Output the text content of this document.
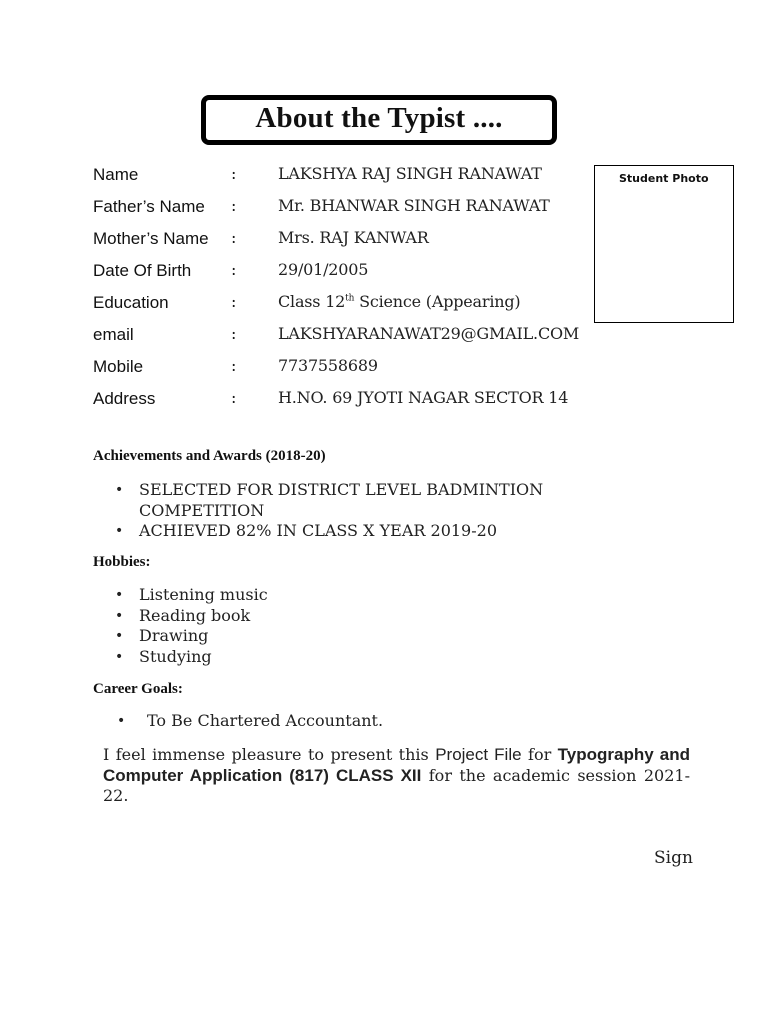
About the Typist ....
Name	:	LAKSHYA RAJ SINGH RANAWAT
Father’s Name :	Mr. BHANWAR SINGH RANAWAT
Mother’s Name :	Mrs. RAJ KANWAR
Date Of Birth :	29/01/2005
Education	:	Class 12th Science (Appearing)
email	:	LAKSHYARANAWAT29@GMAIL.COM
Mobile	:	7737558689
Address	:	H.NO. 69 JYOTI NAGAR SECTOR 14
Student Photo
Achievements and Awards (2018-20)
• SELECTED FOR DISTRICT LEVEL BADMINTION COMPETITION
• ACHIEVED 82% IN CLASS X YEAR 2019-20
Hobbies:
• Listening music
• Reading book
• Drawing
• Studying
Career Goals:
• To Be Chartered Accountant.
I feel immense pleasure to present this Project File for Typography and Computer Application (817) CLASS XII for the academic session 2021-22.
Sign
